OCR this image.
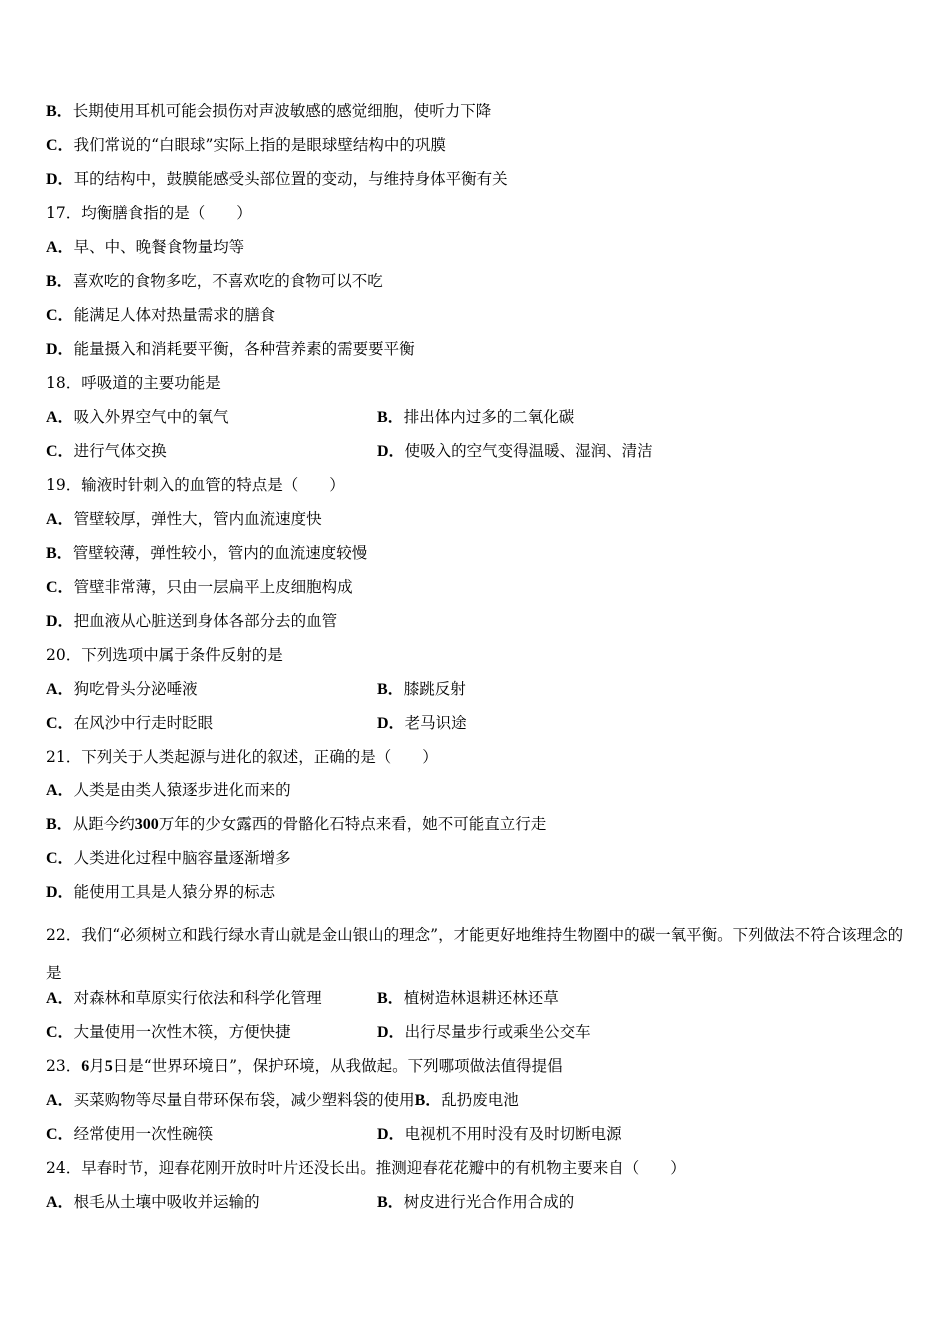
B．长期使用耳机可能会损伤对声波敏感的感觉细胞，使听力下降
C．我们常说的“白眼球”实际上指的是眼球壁结构中的巩膜
D．耳的结构中，鼓膜能感受头部位置的变动，与维持身体平衡有关
17．均衡膳食指的是（　　）
A．早、中、晚餐食物量均等
B．喜欢吃的食物多吃，不喜欢吃的食物可以不吃
C．能满足人体对热量需求的膳食
D．能量摄入和消耗要平衡，各种营养素的需要要平衡
18．呼吸道的主要功能是
A．吸入外界空气中的氧气	B．排出体内过多的二氧化碳
C．进行气体交换	D．使吸入的空气变得温暖、湿润、清洁
19．输液时针刺入的血管的特点是（　　）
A．管壁较厚，弹性大，管内血流速度快
B．管壁较薄，弹性较小，管内的血流速度较慢
C．管壁非常薄，只由一层扁平上皮细胞构成
D．把血液从心脏送到身体各部分去的血管
20．下列选项中属于条件反射的是
A．狗吃骨头分泌唾液	B．膝跳反射
C．在风沙中行走时眨眼	D．老马识途
21．下列关于人类起源与进化的叙述，正确的是（　　）
A．人类是由类人猿逐步进化而来的
B．从距今约300万年的少女露西的骨骼化石特点来看，她不可能直立行走
C．人类进化过程中脑容量逐渐增多
D．能使用工具是人猿分界的标志
22．我们“必须树立和践行绿水青山就是金山银山的理念”，才能更好地维持生物圈中的碳一氧平衡。下列做法不符合该理念的是
A．对森林和草原实行依法和科学化管理	B．植树造林退耕还林还草
C．大量使用一次性木筷，方便快捷	D．出行尽量步行或乘坐公交车
23．6月5日是“世界环境日”，保护环境，从我做起。下列哪项做法值得提倡
A．买菜购物等尽量自带环保布袋，减少塑料袋的使用B．乱扔废电池
C．经常使用一次性碗筷	D．电视机不用时没有及时切断电源
24．早春时节，迎春花刚开放时叶片还没长出。推测迎春花花瓣中的有机物主要来自（　　）
A．根毛从土壤中吸收并运输的	B．树皮进行光合作用合成的
